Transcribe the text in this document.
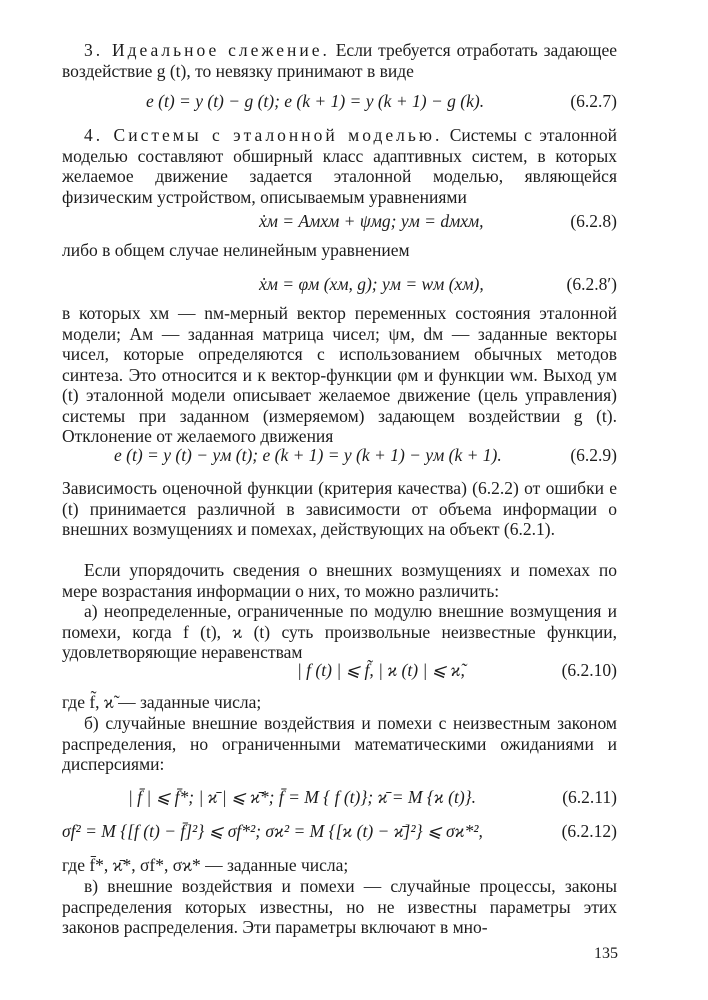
3. Идеальное слежение. Если требуется отработать задающее воздействие g (t), то невязку принимают в виде

e (t) = y (t) − g (t); e (k + 1) = y (k + 1) − g (k).	(6.2.7)

4. Системы с эталонной моделью. Системы с эталонной моделью составляют обширный класс адаптивных систем, в которых желаемое движение задается эталонной моделью, являющейся физическим устройством, описываемым уравнениями

ẋм = Aмxм + ψмg; yм = dмxм,	(6.2.8)

либо в общем случае нелинейным уравнением

ẋм = φм (xм, g); yм = wм (xм),	(6.2.8′)

в которых xм — nм-мерный вектор переменных состояния эталонной модели; Aм — заданная матрица чисел; ψм, dм — заданные векторы чисел, которые определяются с использованием обычных методов синтеза. Это относится и к вектор-функции φм и функции wм. Выход yм (t) эталонной модели описывает желаемое движение (цель управления) системы при заданном (измеряемом) задающем воздействии g (t). Отклонение от желаемого движения

e (t) = y (t) − yм (t); e (k + 1) = y (k + 1) − yм (k + 1).	(6.2.9)

Зависимость оценочной функции (критерия качества) (6.2.2) от ошибки e (t) принимается различной в зависимости от объема информации о внешних возмущениях и помехах, действующих на объект (6.2.1).

Если упорядочить сведения о внешних возмущениях и помехах по мере возрастания информации о них, то можно различить:

а) неопределенные, ограниченные по модулю внешние возмущения и помехи, когда f (t), ϰ (t) суть произвольные неизвестные функции, удовлетворяющие неравенствам

| f (t) | ⩽ f̃, | ϰ (t) | ⩽ ϰ̃,	(6.2.10)

где f̃, ϰ̃ — заданные числа;

б) случайные внешние воздействия и помехи с неизвестным законом распределения, но ограниченными математическими ожиданиями и дисперсиями:

| f̄ | ⩽ f̄*; | ϰ̄ | ⩽ ϰ̄*; f̄ = M { f (t)}; ϰ̄ = M {ϰ (t)}.	(6.2.11)
σf² = M {[f (t) − f̄]²} ⩽ σf*²; σϰ² = M {[ϰ (t) − ϰ̄]²} ⩽ σϰ*²,	(6.2.12)

где f̄*, ϰ̄*, σf*, σϰ* — заданные числа;

в) внешние воздействия и помехи — случайные процессы, законы распределения которых известны, но не известны параметры этих законов распределения. Эти параметры включают в мно-

135
